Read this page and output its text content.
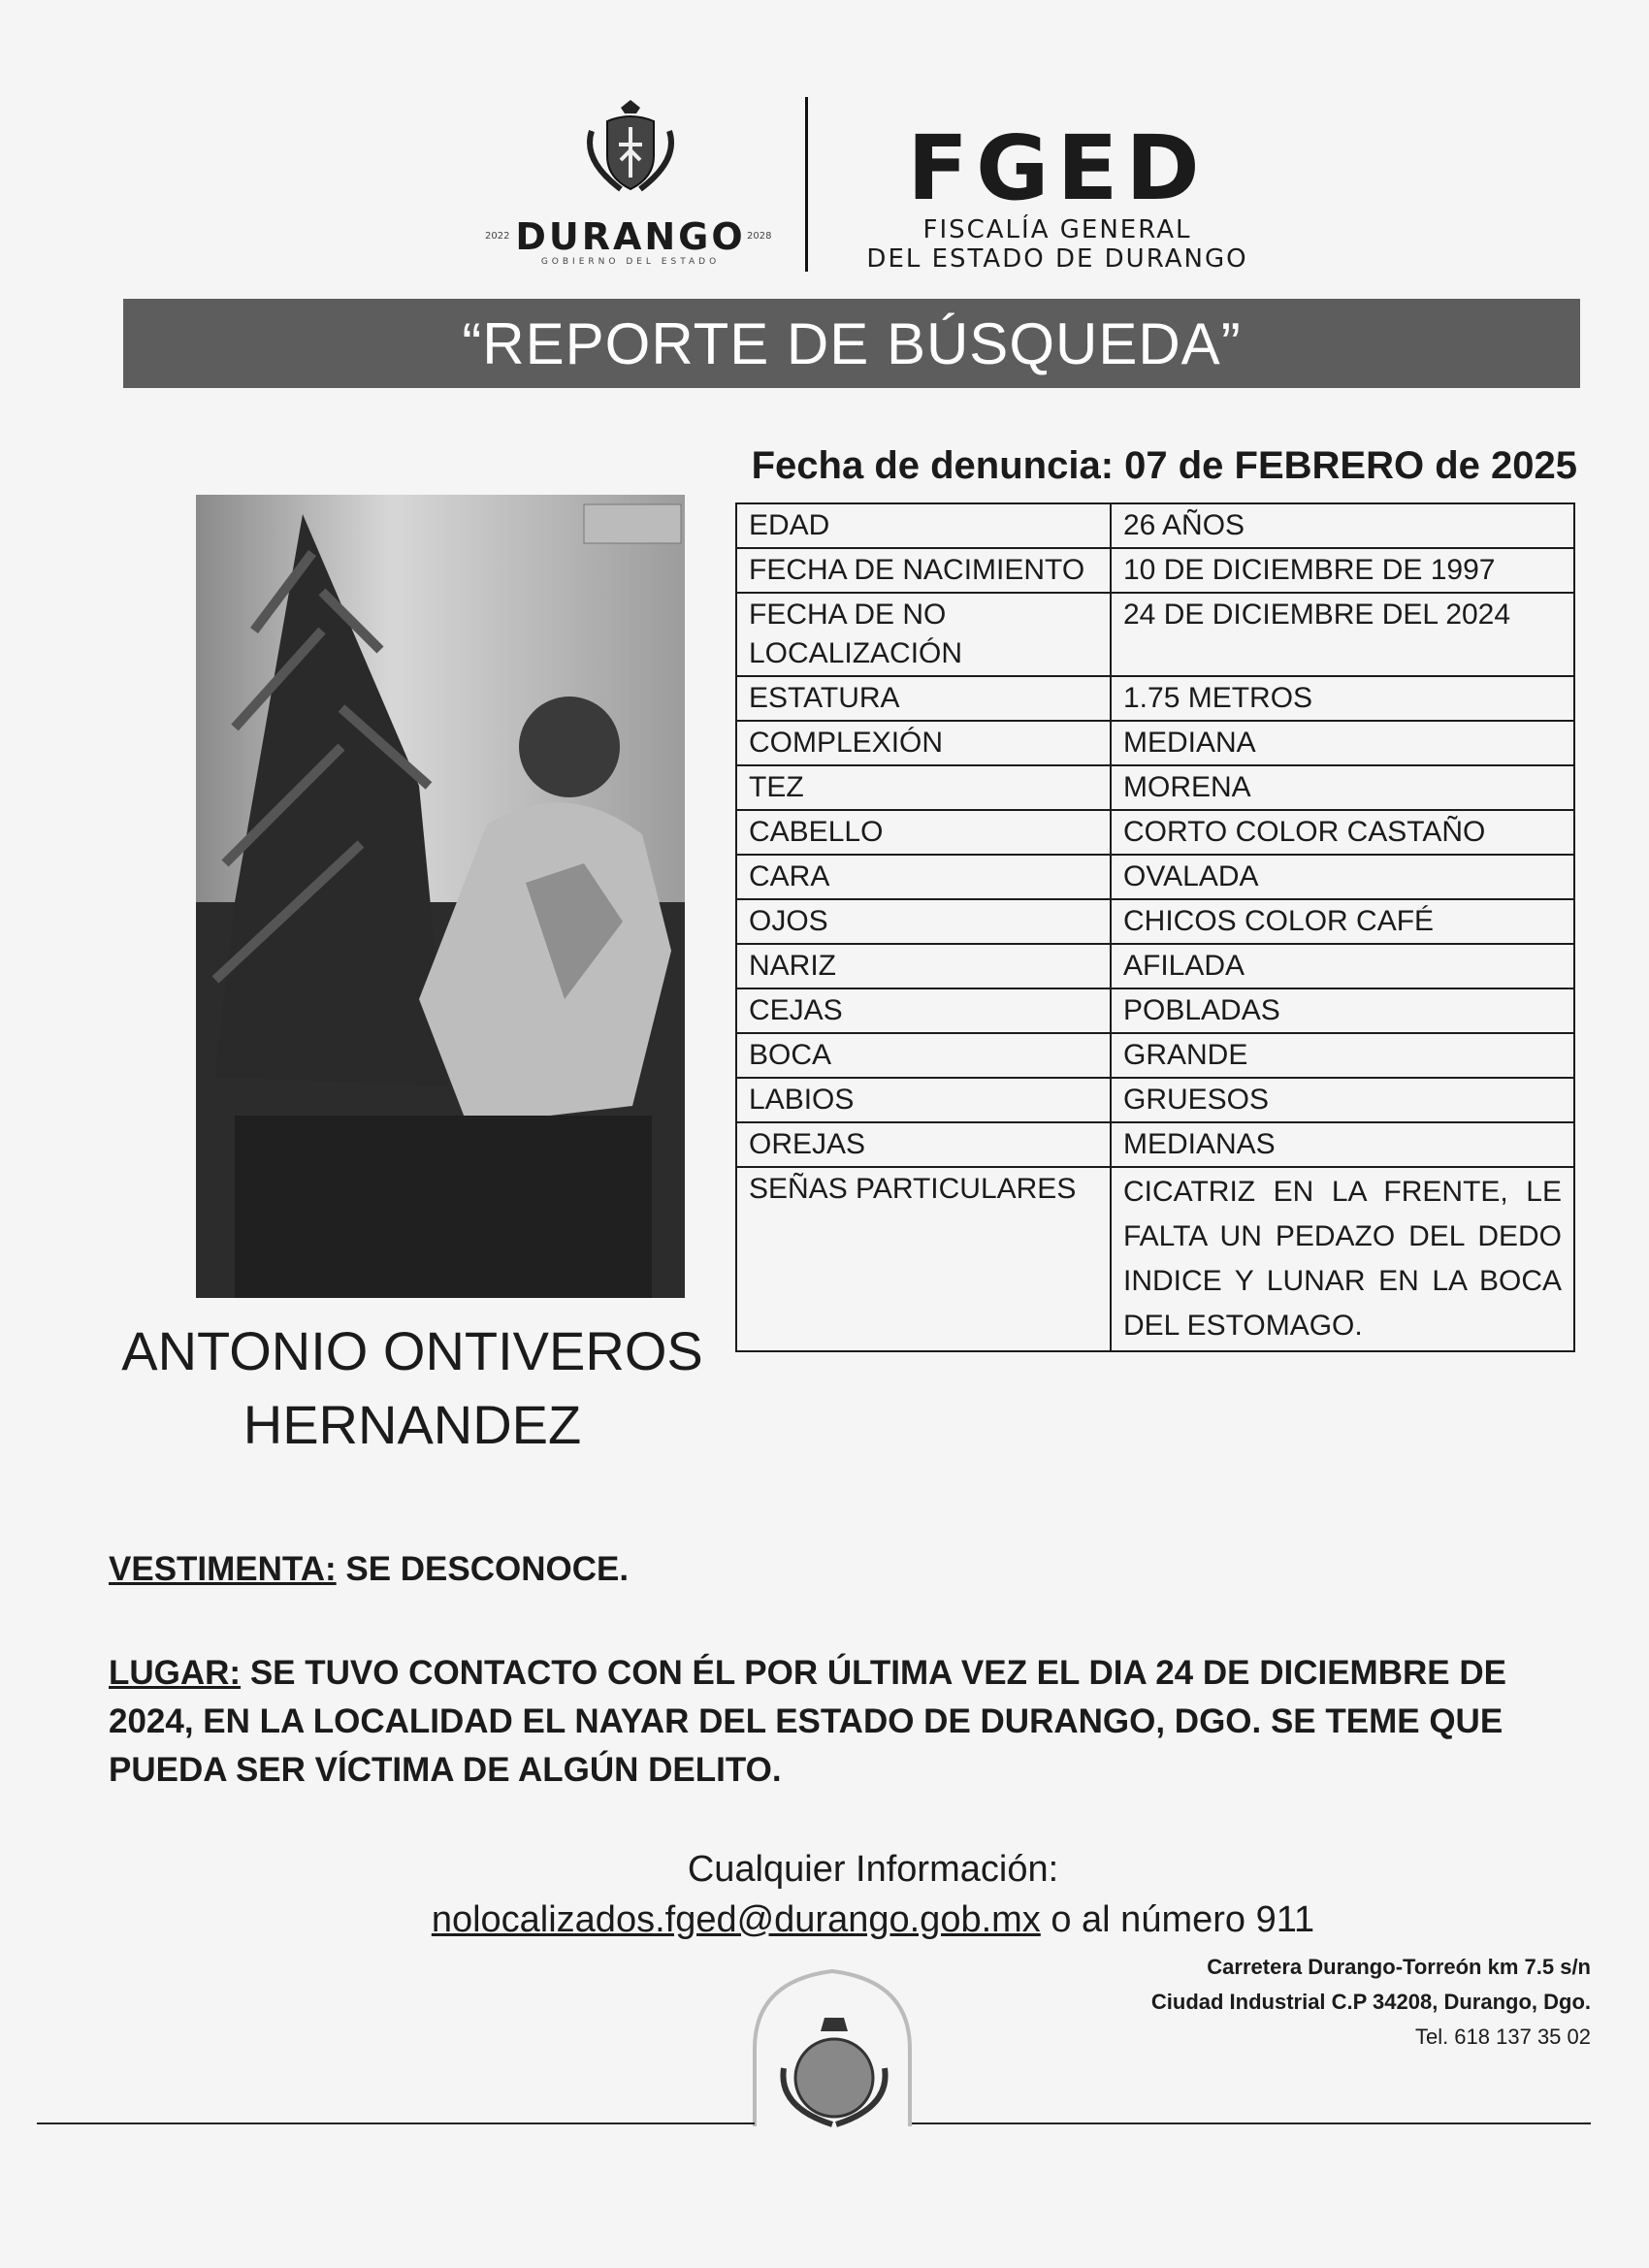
2022	2028
DURANGO
GOBIERNO DEL ESTADO
FGED
FISCALÍA GENERAL
DEL ESTADO DE DURANGO
“REPORTE DE BÚSQUEDA”
Fecha de denuncia: 07 de FEBRERO de 2025
EDAD	26 AÑOS
FECHA DE NACIMIENTO	10 DE DICIEMBRE DE 1997
FECHA DE NO LOCALIZACIÓN	24 DE DICIEMBRE DEL 2024
ESTATURA	1.75 METROS
COMPLEXIÓN	MEDIANA
TEZ	MORENA
CABELLO	CORTO COLOR CASTAÑO
CARA	OVALADA
OJOS	CHICOS COLOR CAFÉ
NARIZ	AFILADA
CEJAS	POBLADAS
BOCA	GRANDE
LABIOS	GRUESOS
OREJAS	MEDIANAS
SEÑAS PARTICULARES	CICATRIZ EN LA FRENTE, LE FALTA UN PEDAZO DEL DEDO INDICE Y LUNAR EN LA BOCA DEL ESTOMAGO.
ANTONIO ONTIVEROS
HERNANDEZ
VESTIMENTA: SE DESCONOCE.
LUGAR: SE TUVO CONTACTO CON ÉL POR ÚLTIMA VEZ EL DIA 24 DE DICIEMBRE DE 2024, EN LA LOCALIDAD EL NAYAR DEL ESTADO DE DURANGO, DGO. SE TEME QUE PUEDA SER VÍCTIMA DE ALGÚN DELITO.
Cualquier Información:
nolocalizados.fged@durango.gob.mx o al número 911
Carretera Durango-Torreón km 7.5 s/n
Ciudad Industrial C.P 34208, Durango, Dgo.
Tel. 618 137 35 02
